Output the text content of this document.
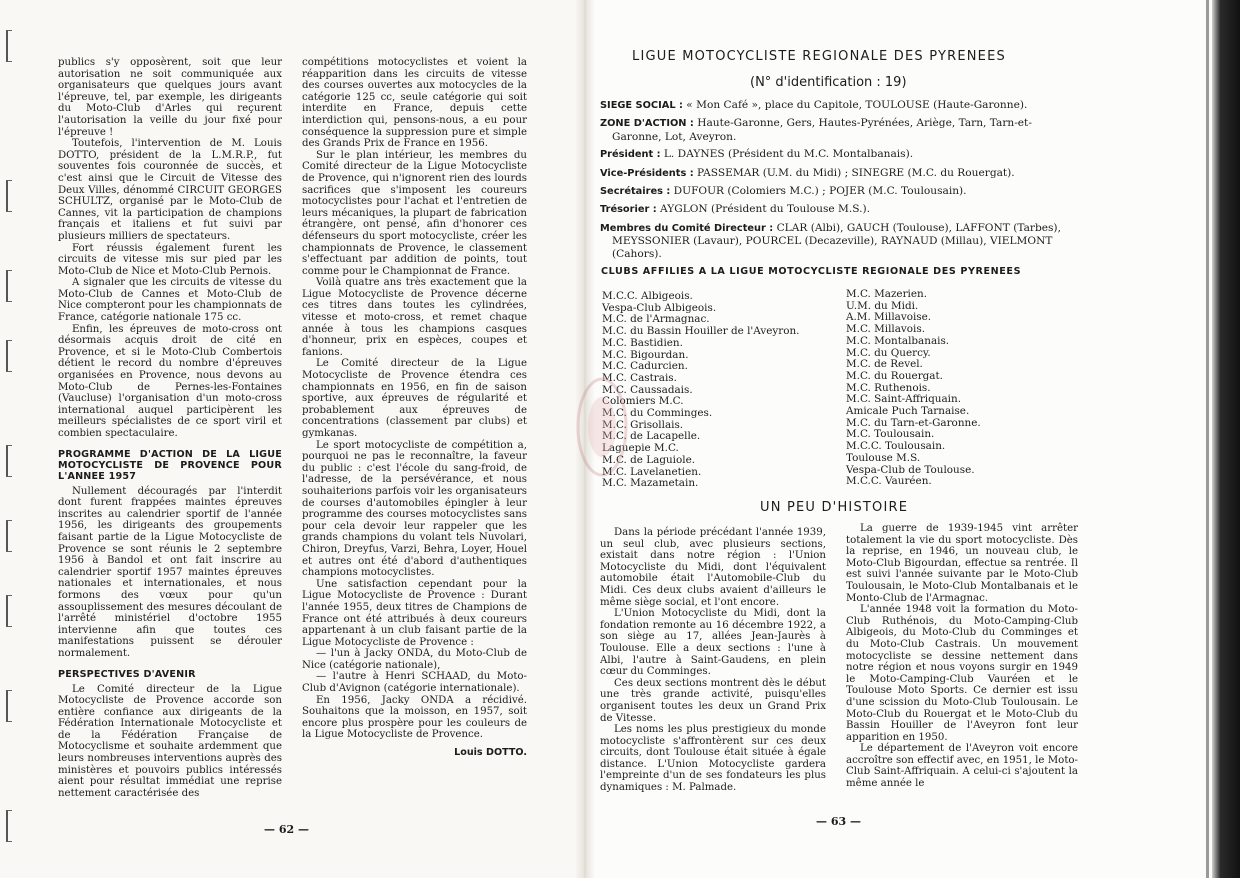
publics s'y opposèrent, soit que leur autorisation ne soit communiquée aux organisateurs que quelques jours avant l'épreuve, tel, par exemple, les dirigeants du Moto-Club d'Arles qui reçurent l'autorisation la veille du jour fixé pour l'épreuve !

Toutefois, l'intervention de M. Louis DOTTO, président de la L.M.R.P., fut souventes fois couronnée de succès, et c'est ainsi que le Circuit de Vitesse des Deux Villes, dénommé CIRCUIT GEORGES SCHULTZ, organisé par le Moto-Club de Cannes, vit la participation de champions français et italiens et fut suivi par plusieurs milliers de spectateurs.

Fort réussis également furent les circuits de vitesse mis sur pied par les Moto-Club de Nice et Moto-Club Pernois.

A signaler que les circuits de vitesse du Moto-Club de Cannes et Moto-Club de Nice compteront pour les championnats de France, catégorie nationale 175 cc.

Enfin, les épreuves de moto-cross ont désormais acquis droit de cité en Provence, et si le Moto-Club Combertois détient le record du nombre d'épreuves organisées en Provence, nous devons au Moto-Club de Pernes-les-Fontaines (Vaucluse) l'organisation d'un moto-cross international auquel participèrent les meilleurs spécialistes de ce sport viril et combien spectaculaire.

PROGRAMME D'ACTION DE LA LIGUE MOTOCYCLISTE DE PROVENCE POUR L'ANNEE 1957

Nullement découragés par l'interdit dont furent frappées maintes épreuves inscrites au calendrier sportif de l'année 1956, les dirigeants des groupements faisant partie de la Ligue Motocycliste de Provence se sont réunis le 2 septembre 1956 à Bandol et ont fait inscrire au calendrier sportif 1957 maintes épreuves nationales et internationales, et nous formons des vœux pour qu'un assouplissement des mesures découlant de l'arrêté ministériel d'octobre 1955 intervienne afin que toutes ces manifestations puissent se dérouler normalement.

PERSPECTIVES D'AVENIR

Le Comité directeur de la Ligue Motocycliste de Provence accorde son entière confiance aux dirigeants de la Fédération Internationale Motocycliste et de la Fédération Française de Motocyclisme et souhaite ardemment que leurs nombreuses interventions auprès des ministères et pouvoirs publics intéressés aient pour résultat immédiat une reprise nettement caractérisée des

compétitions motocyclistes et voient la réapparition dans les circuits de vitesse des courses ouvertes aux motocycles de la catégorie 125 cc, seule catégorie qui soit interdite en France, depuis cette interdiction qui, pensons-nous, a eu pour conséquence la suppression pure et simple des Grands Prix de France en 1956.

Sur le plan intérieur, les membres du Comité directeur de la Ligue Motocycliste de Provence, qui n'ignorent rien des lourds sacrifices que s'imposent les coureurs motocyclistes pour l'achat et l'entretien de leurs mécaniques, la plupart de fabrication étrangère, ont pensé, afin d'honorer ces défenseurs du sport motocycliste, créer les championnats de Provence, le classement s'effectuant par addition de points, tout comme pour le Championnat de France.

Voilà quatre ans très exactement que la Ligue Motocycliste de Provence décerne ces titres dans toutes les cylindrées, vitesse et moto-cross, et remet chaque année à tous les champions casques d'honneur, prix en espèces, coupes et fanions.

Le Comité directeur de la Ligue Motocycliste de Provence étendra ces championnats en 1956, en fin de saison sportive, aux épreuves de régularité et probablement aux épreuves de concentrations (classement par clubs) et gymkanas.

Le sport motocycliste de compétition a, pourquoi ne pas le reconnaître, la faveur du public : c'est l'école du sang-froid, de l'adresse, de la persévérance, et nous souhaiterions parfois voir les organisateurs de courses d'automobiles épingler à leur programme des courses motocyclistes sans pour cela devoir leur rappeler que les grands champions du volant tels Nuvolari, Chiron, Dreyfus, Varzi, Behra, Loyer, Houel et autres ont été d'abord d'authentiques champions motocyclistes.

Une satisfaction cependant pour la Ligue Motocycliste de Provence : Durant l'année 1955, deux titres de Champions de France ont été attribués à deux coureurs appartenant à un club faisant partie de la Ligue Motocycliste de Provence :

— l'un à Jacky ONDA, du Moto-Club de Nice (catégorie nationale),

— l'autre à Henri SCHAAD, du Moto-Club d'Avignon (catégorie internationale).

En 1956, Jacky ONDA a récidivé. Souhaitons que la moisson, en 1957, soit encore plus prospère pour les couleurs de la Ligue Motocycliste de Provence.

Louis DOTTO.
— 62 —
LIGUE MOTOCYCLISTE REGIONALE DES PYRENEES
(N° d'identification : 19)
SIEGE SOCIAL : « Mon Café », place du Capitole, TOULOUSE (Haute-Garonne).
ZONE D'ACTION : Haute-Garonne, Gers, Hautes-Pyrénées, Ariège, Tarn, Tarn-et-Garonne, Lot, Aveyron.
Président : L. DAYNES (Président du M.C. Montalbanais).
Vice-Présidents : PASSEMAR (U.M. du Midi) ; SINEGRE (M.C. du Rouergat).
Secrétaires : DUFOUR (Colomiers M.C.) ; POJER (M.C. Toulousain).
Trésorier : AYGLON (Président du Toulouse M.S.).
Membres du Comité Directeur : CLAR (Albi), GAUCH (Toulouse), LAFFONT (Tarbes), MEYSSONIER (Lavaur), POURCEL (Decazeville), RAYNAUD (Millau), VIELMONT (Cahors).
CLUBS AFFILIES A LA LIGUE MOTOCYCLISTE REGIONALE DES PYRENEES
M.C.C. Albigeois.
Vespa-Club Albigeois.
M.C. de l'Armagnac.
M.C. du Bassin Houiller de l'Aveyron.
M.C. Bastidien.
M.C. Bigourdan.
M.C. Cadurcien.
M.C. Castrais.
M.C. Caussadais.
Colomiers M.C.
M.C. du Comminges.
M.C. Grisollais.
M.C. de Lacapelle.
Laguepie M.C.
M.C. de Laguiole.
M.C. Lavelanetien.
M.C. Mazametain.
M.C. Mazerien.
U.M. du Midi.
A.M. Millavoise.
M.C. Millavois.
M.C. Montalbanais.
M.C. du Quercy.
M.C. de Revel.
M.C. du Rouergat.
M.C. Ruthenois.
M.C. Saint-Affriquain.
Amicale Puch Tarnaise.
M.C. du Tarn-et-Garonne.
M.C. Toulousain.
M.C.C. Toulousain.
Toulouse M.S.
Vespa-Club de Toulouse.
M.C.C. Vauréen.
UN PEU D'HISTOIRE

Dans la période précédant l'année 1939, un seul club, avec plusieurs sections, existait dans notre région : l'Union Motocycliste du Midi, dont l'équivalent automobile était l'Automobile-Club du Midi. Ces deux clubs avaient d'ailleurs le même siège social, et l'ont encore.

L'Union Motocycliste du Midi, dont la fondation remonte au 16 décembre 1922, a son siège au 17, allées Jean-Jaurès à Toulouse. Elle a deux sections : l'une à Albi, l'autre à Saint-Gaudens, en plein cœur du Comminges.

Ces deux sections montrent dès le début une très grande activité, puisqu'elles organisent toutes les deux un Grand Prix de Vitesse.

Les noms les plus prestigieux du monde motocycliste s'affrontèrent sur ces deux circuits, dont Toulouse était située à égale distance. L'Union Motocycliste gardera l'empreinte d'un de ses fondateurs les plus dynamiques : M. Palmade.

La guerre de 1939-1945 vint arrêter totalement la vie du sport motocycliste. Dès la reprise, en 1946, un nouveau club, le Moto-Club Bigourdan, effectue sa rentrée. Il est suivi l'année suivante par le Moto-Club Toulousain, le Moto-Club Montalbanais et le Monto-Club de l'Armagnac.

L'année 1948 voit la formation du Moto-Club Ruthénois, du Moto-Camping-Club Albigeois, du Moto-Club du Comminges et du Moto-Club Castrais. Un mouvement motocycliste se dessine nettement dans notre région et nous voyons surgir en 1949 le Moto-Camping-Club Vauréen et le Toulouse Moto Sports. Ce dernier est issu d'une scission du Moto-Club Toulousain. Le Moto-Club du Rouergat et le Moto-Club du Bassin Houiller de l'Aveyron font leur apparition en 1950.

Le département de l'Aveyron voit encore accroître son effectif avec, en 1951, le Moto-Club Saint-Affriquain. A celui-ci s'ajoutent la même année le

— 63 —
